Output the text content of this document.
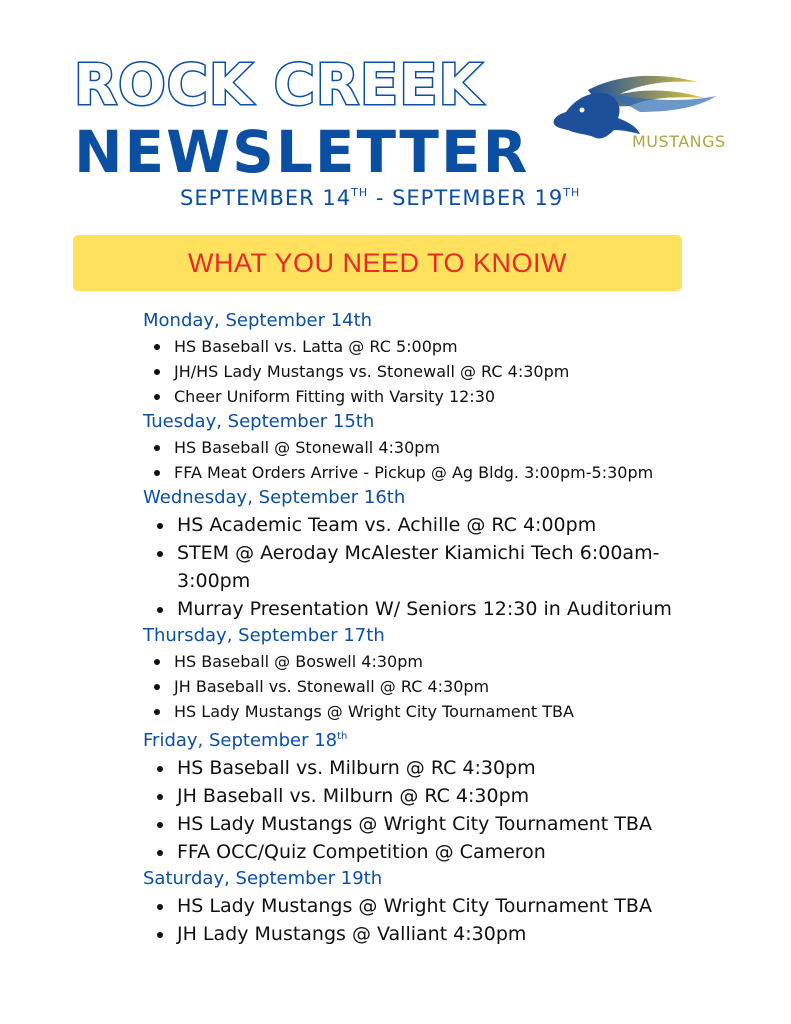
ROCK CREEK
NEWSLETTER
SEPTEMBER 14TH - SEPTEMBER 19TH
MUSTANGS
WHAT YOU NEED TO KNOIW
Monday, September 14th
HS Baseball vs. Latta @ RC 5:00pm
JH/HS Lady Mustangs vs. Stonewall @ RC 4:30pm
Cheer Uniform Fitting with Varsity 12:30
Tuesday, September 15th
HS Baseball @ Stonewall 4:30pm
FFA Meat Orders Arrive - Pickup @ Ag Bldg. 3:00pm-5:30pm
Wednesday, September 16th
HS Academic Team vs. Achille @ RC 4:00pm
STEM @ Aeroday McAlester Kiamichi Tech 6:00am-3:00pm
Murray Presentation W/ Seniors 12:30 in Auditorium
Thursday, September 17th
HS Baseball @ Boswell 4:30pm
JH Baseball vs. Stonewall @ RC 4:30pm
HS Lady Mustangs @ Wright City Tournament TBA
Friday, September 18th
HS Baseball vs. Milburn @ RC 4:30pm
JH Baseball vs. Milburn @ RC 4:30pm
HS Lady Mustangs @ Wright City Tournament TBA
FFA OCC/Quiz Competition @ Cameron
Saturday, September 19th
HS Lady Mustangs @ Wright City Tournament TBA
JH Lady Mustangs @ Valliant 4:30pm
